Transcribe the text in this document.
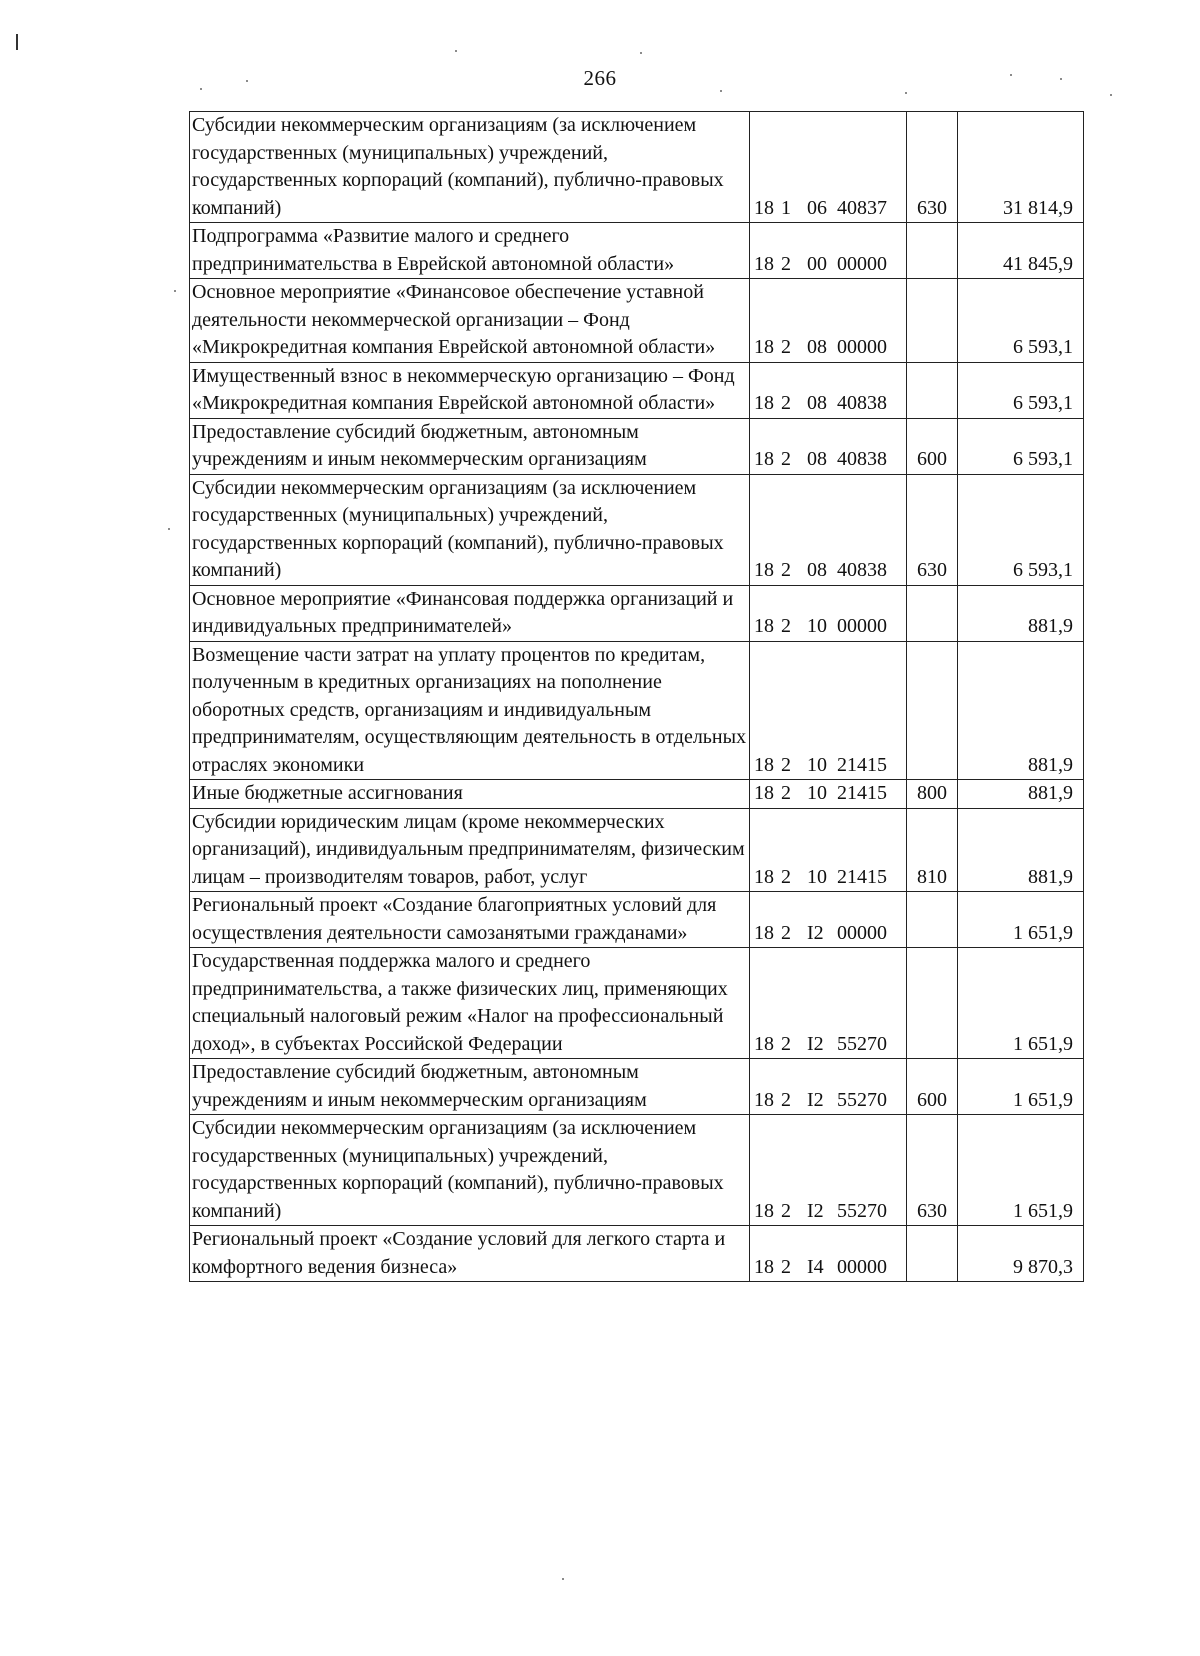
266
Субсидии некоммерческим организациям (за исключением государственных (муниципальных) учреждений, государственных корпораций (компаний), публично-правовых компаний)	18 1 06 40837	630	31 814,9
Подпрограмма «Развитие малого и среднего предпринимательства в Еврейской автономной области»	18 2 00 00000		41 845,9
Основное мероприятие «Финансовое обеспечение уставной деятельности некоммерческой организации – Фонд «Микрокредитная компания Еврейской автономной области»	18 2 08 00000		6 593,1
Имущественный взнос в некоммерческую организацию – Фонд «Микрокредитная компания Еврейской автономной области»	18 2 08 40838		6 593,1
Предоставление субсидий бюджетным, автономным учреждениям и иным некоммерческим организациям	18 2 08 40838	600	6 593,1
Субсидии некоммерческим организациям (за исключением государственных (муниципальных) учреждений, государственных корпораций (компаний), публично-правовых компаний)	18 2 08 40838	630	6 593,1
Основное мероприятие «Финансовая поддержка организаций и индивидуальных предпринимателей»	18 2 10 00000		881,9
Возмещение части затрат на уплату процентов по кредитам, полученным в кредитных организациях на пополнение оборотных средств, организациям и индивидуальным предпринимателям, осуществляющим деятельность в отдельных отраслях экономики	18 2 10 21415		881,9
Иные бюджетные ассигнования	18 2 10 21415	800	881,9
Субсидии юридическим лицам (кроме некоммерческих организаций), индивидуальным предпринимателям, физическим лицам – производителям товаров, работ, услуг	18 2 10 21415	810	881,9
Региональный проект «Создание благоприятных условий для осуществления деятельности самозанятыми гражданами»	18 2 I2 00000		1 651,9
Государственная поддержка малого и среднего предпринимательства, а также физических лиц, применяющих специальный налоговый режим «Налог на профессиональный доход», в субъектах Российской Федерации	18 2 I2 55270		1 651,9
Предоставление субсидий бюджетным, автономным учреждениям и иным некоммерческим организациям	18 2 I2 55270	600	1 651,9
Субсидии некоммерческим организациям (за исключением государственных (муниципальных) учреждений, государственных корпораций (компаний), публично-правовых компаний)	18 2 I2 55270	630	1 651,9
Региональный проект «Создание условий для легкого старта и комфортного ведения бизнеса»	18 2 I4 00000		9 870,3
